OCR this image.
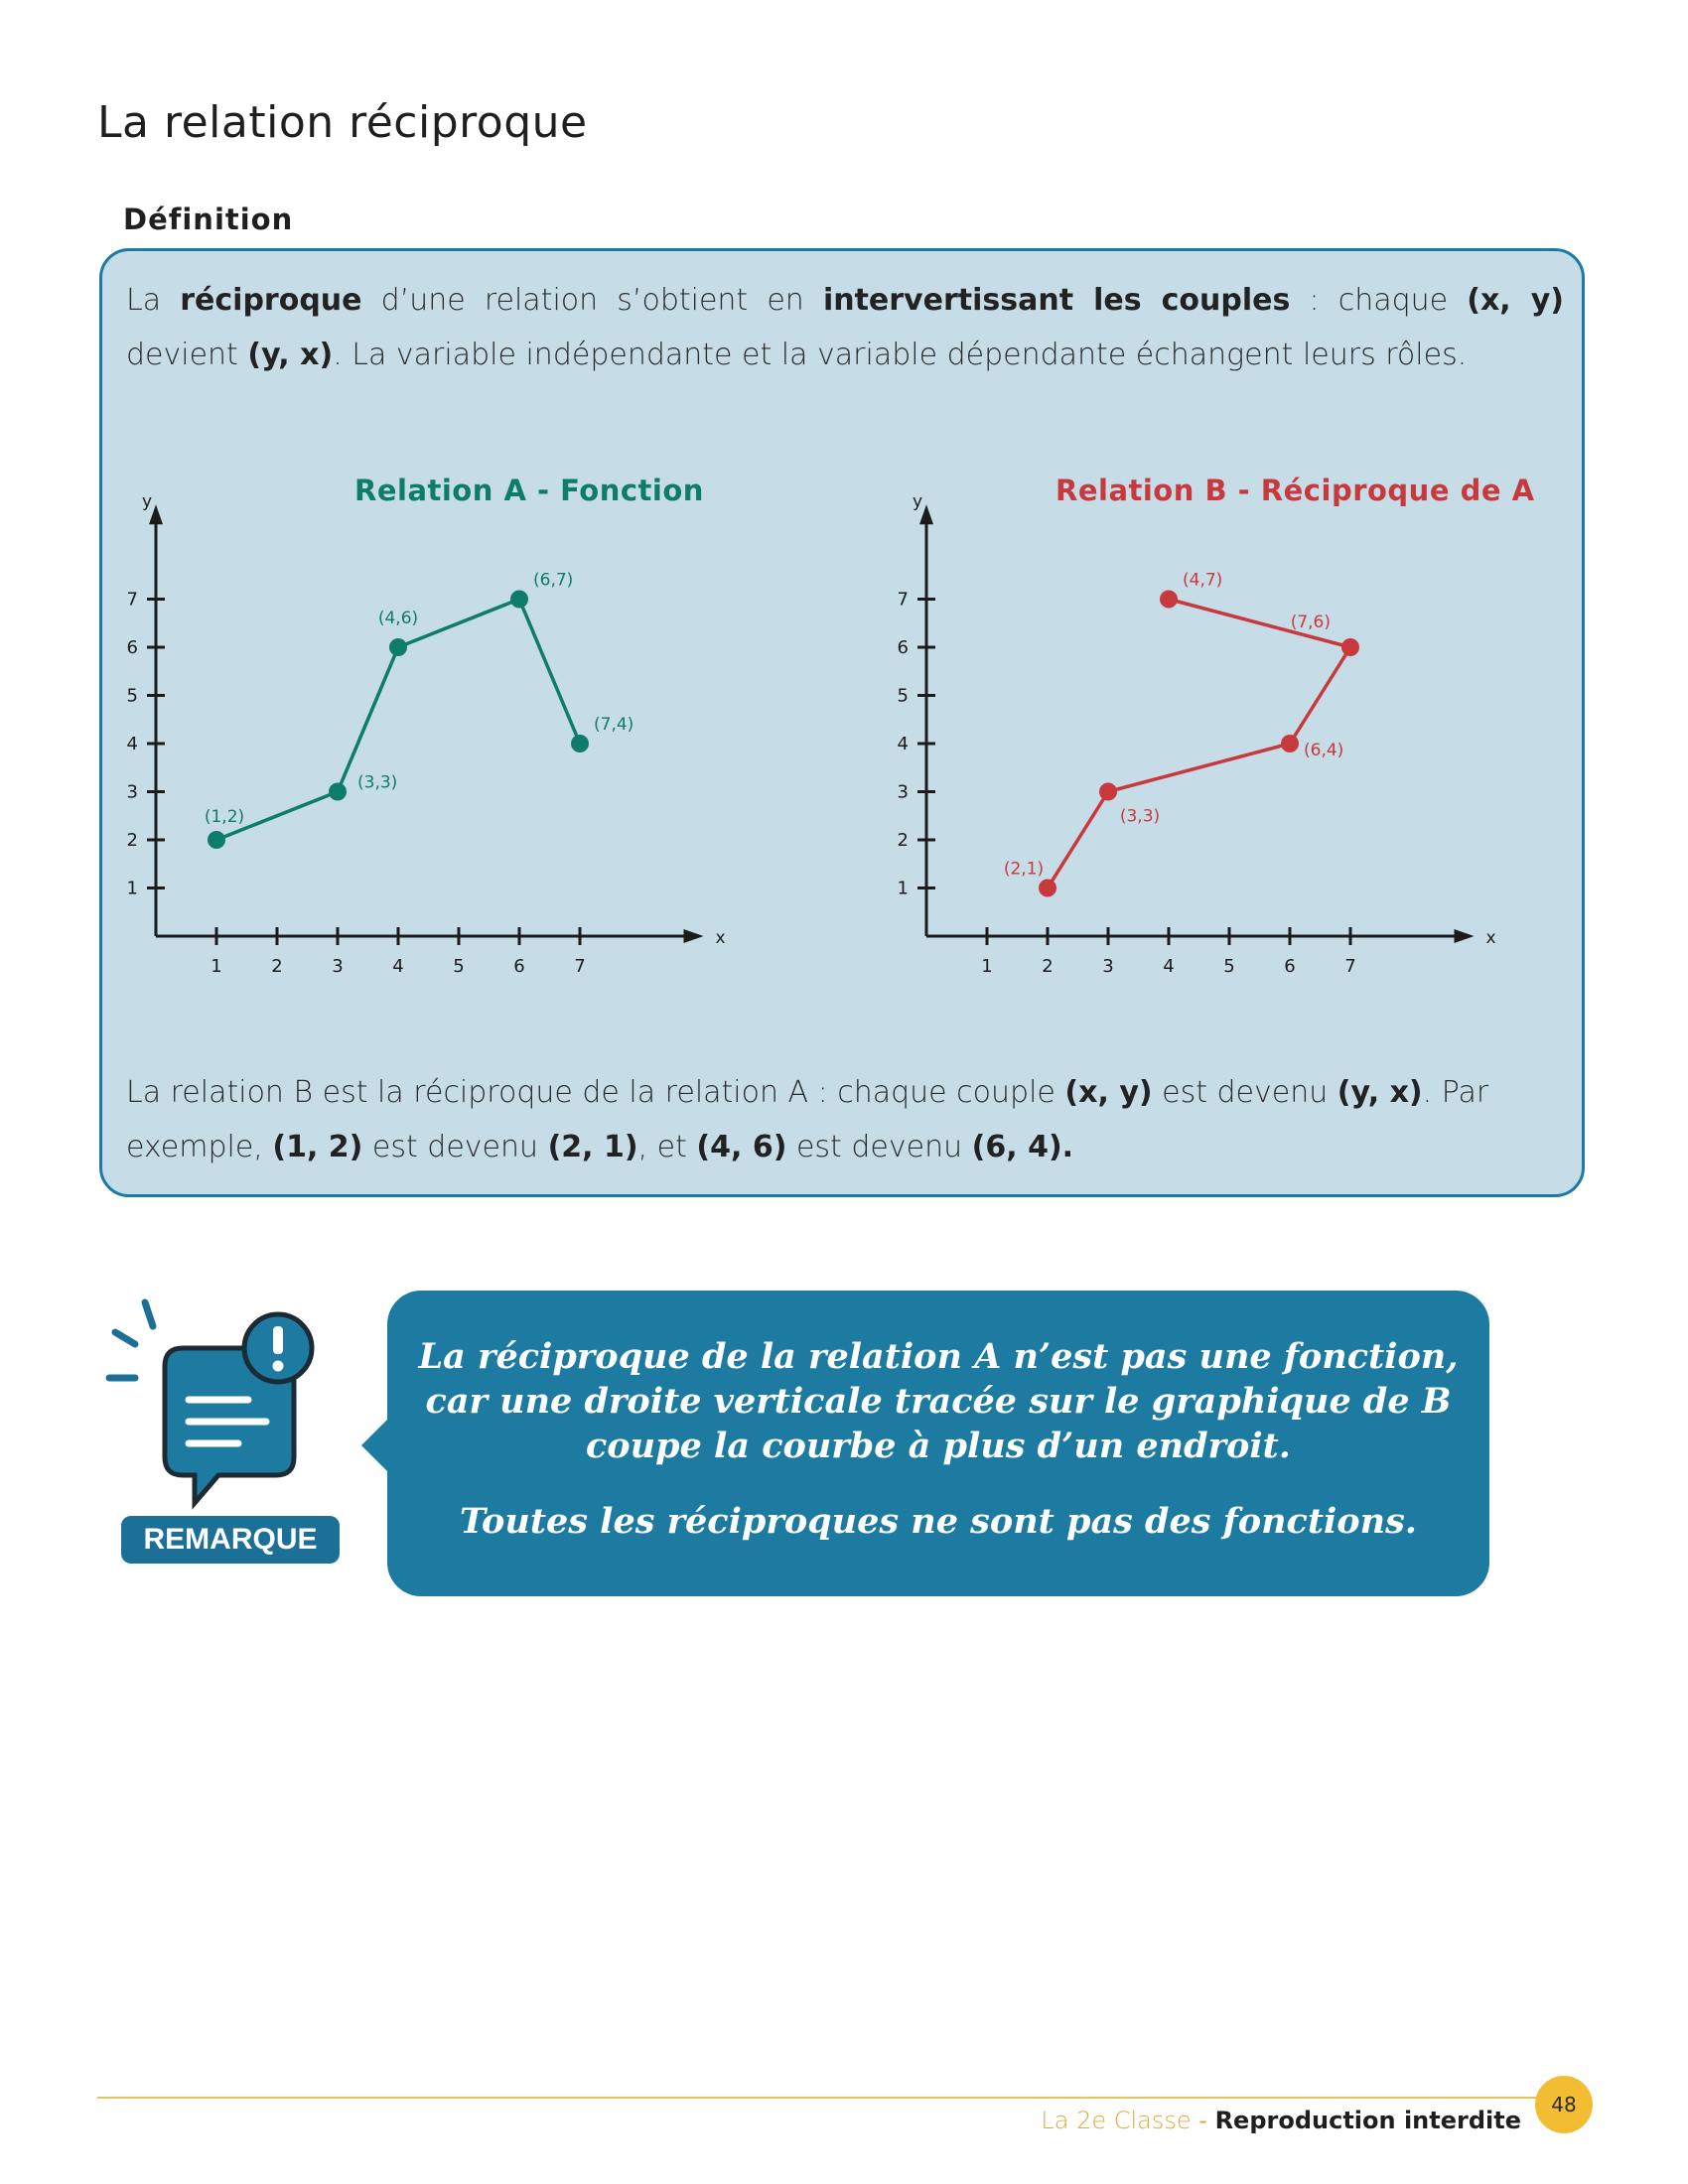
La relation réciproque
Définition

La réciproque d’une relation s’obtient en intervertissant les couples : chaque (x, y) devient (y, x). La variable indépendante et la variable dépendante échangent leurs rôles.

Relation A - Fonction
x
y
1	2	3	4	5	6	7
1
2
3
4
5
6
7
(1,2)
(3,3)
(4,6)
(6,7)
(7,4)
Relation B - Réciproque de A
x
y
1	2	3	4	5	6	7
1
2
3
4
5
6
7
(2,1)
(3,3)
(6,4)
(7,6)
(4,7)

La relation B est la réciproque de la relation A : chaque couple (x, y) est devenu (y, x). Par exemple, (1, 2) est devenu (2, 1), et (4, 6) est devenu (6, 4).

REMARQUE

La réciproque de la relation A n’est pas une fonction, car une droite verticale tracée sur le graphique de B coupe la courbe à plus d’un endroit.

Toutes les réciproques ne sont pas des fonctions.

La 2e Classe - Reproduction interdite
48
